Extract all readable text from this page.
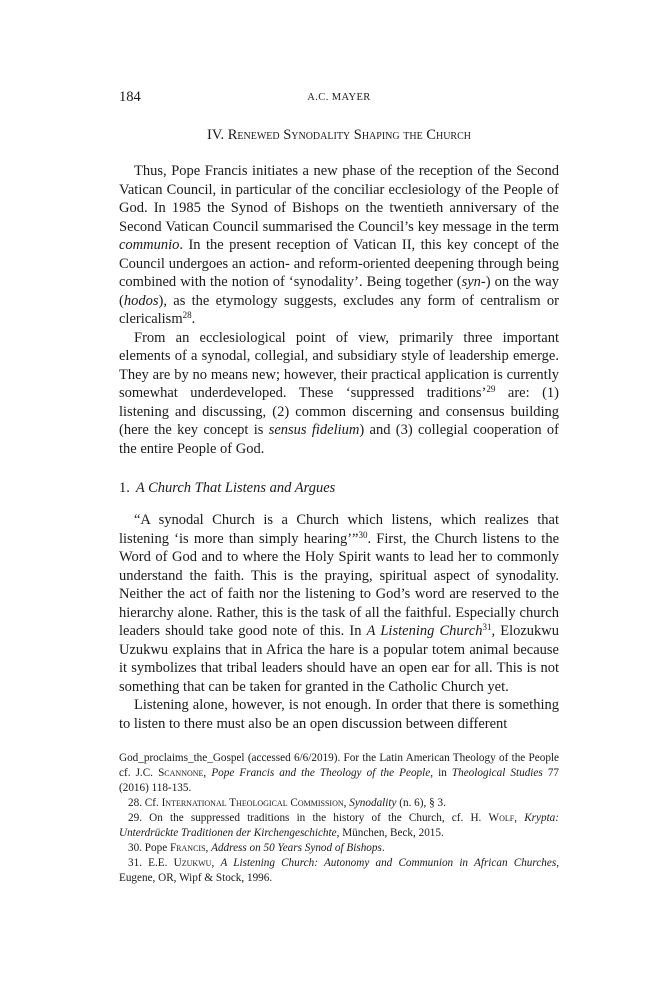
184	A.C. MAYER
IV. Renewed Synodality Shaping the Church

Thus, Pope Francis initiates a new phase of the reception of the Second Vatican Council, in particular of the conciliar ecclesiology of the People of God. In 1985 the Synod of Bishops on the twentieth anniversary of the Second Vatican Council summarised the Council’s key message in the term communio. In the present reception of Vatican II, this key concept of the Council undergoes an action- and reform-oriented deepening through being combined with the notion of ‘synodality’. Being together (syn-) on the way (hodos), as the etymology suggests, excludes any form of centralism or clericalism$^{28}$.

From an ecclesiological point of view, primarily three important elements of a synodal, collegial, and subsidiary style of leadership emerge. They are by no means new; however, their practical application is currently somewhat underdeveloped. These ‘suppressed traditions’$^{29}$ are: (1) listening and discussing, (2) common discerning and consensus building (here the key concept is sensus fidelium) and (3) collegial cooperation of the entire People of God.

1. A Church That Listens and Argues

“A synodal Church is a Church which listens, which realizes that listening ‘is more than simply hearing’”$^{30}$. First, the Church listens to the Word of God and to where the Holy Spirit wants to lead her to commonly understand the faith. This is the praying, spiritual aspect of synodality. Neither the act of faith nor the listening to God’s word are reserved to the hierarchy alone. Rather, this is the task of all the faithful. Especially church leaders should take good note of this. In A Listening Church$^{31}$, Elozukwu Uzukwu explains that in Africa the hare is a popular totem animal because it symbolizes that tribal leaders should have an open ear for all. This is not something that can be taken for granted in the Catholic Church yet.

Listening alone, however, is not enough. In order that there is something to listen to there must also be an open discussion between different

God_proclaims_the_Gospel (accessed 6/6/2019). For the Latin American Theology of the People cf. J.C. Scannone, Pope Francis and the Theology of the People, in Theological Studies 77 (2016) 118-135.

28. Cf. International Theological Commission, Synodality (n. 6), § 3.

29. On the suppressed traditions in the history of the Church, cf. H. Wolf, Krypta: Unterdrückte Traditionen der Kirchengeschichte, München, Beck, 2015.

30. Pope Francis, Address on 50 Years Synod of Bishops.

31. E.E. Uzukwu, A Listening Church: Autonomy and Communion in African Churches, Eugene, OR, Wipf & Stock, 1996.
